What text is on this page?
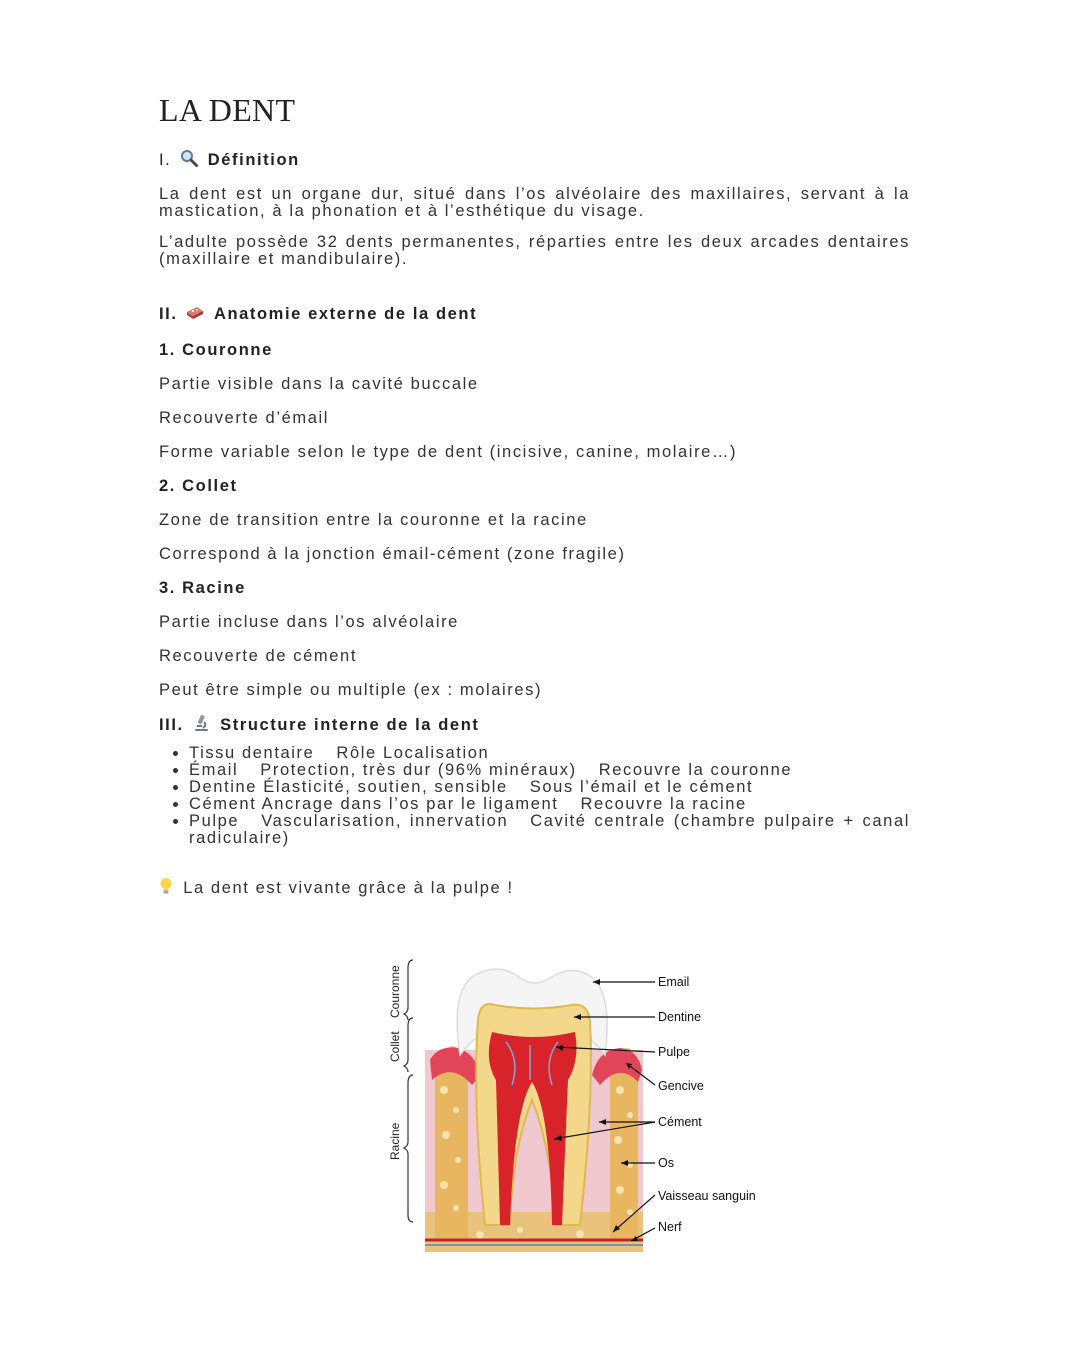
LA DENT
I. Définition

La dent est un organe dur, situé dans l’os alvéolaire des maxillaires, servant à la mastication, à la phonation et à l’esthétique du visage.

L’adulte possède 32 dents permanentes, réparties entre les deux arcades dentaires (maxillaire et mandibulaire).

II. Anatomie externe de la dent
1. Couronne
Partie visible dans la cavité buccale
Recouverte d’émail
Forme variable selon le type de dent (incisive, canine, molaire…)
2. Collet
Zone de transition entre la couronne et la racine
Correspond à la jonction émail-cément (zone fragile)
3. Racine
Partie incluse dans l’os alvéolaire
Recouverte de cément
Peut être simple ou multiple (ex : molaires)
III. Structure interne de la dent
• Tissu dentaire Rôle Localisation
• Émail Protection, très dur (96% minéraux) Recouvre la couronne
• Dentine Élasticité, soutien, sensible Sous l’émail et le cément
• Cément Ancrage dans l’os par le ligament Recouvre la racine
• Pulpe Vascularisation, innervation Cavité centrale (chambre pulpaire + canal radiculaire)
La dent est vivante grâce à la pulpe !
Couronne
Collet
Racine
Email
Dentine
Pulpe
Gencive
Cément
Os
Vaisseau sanguin
Nerf
